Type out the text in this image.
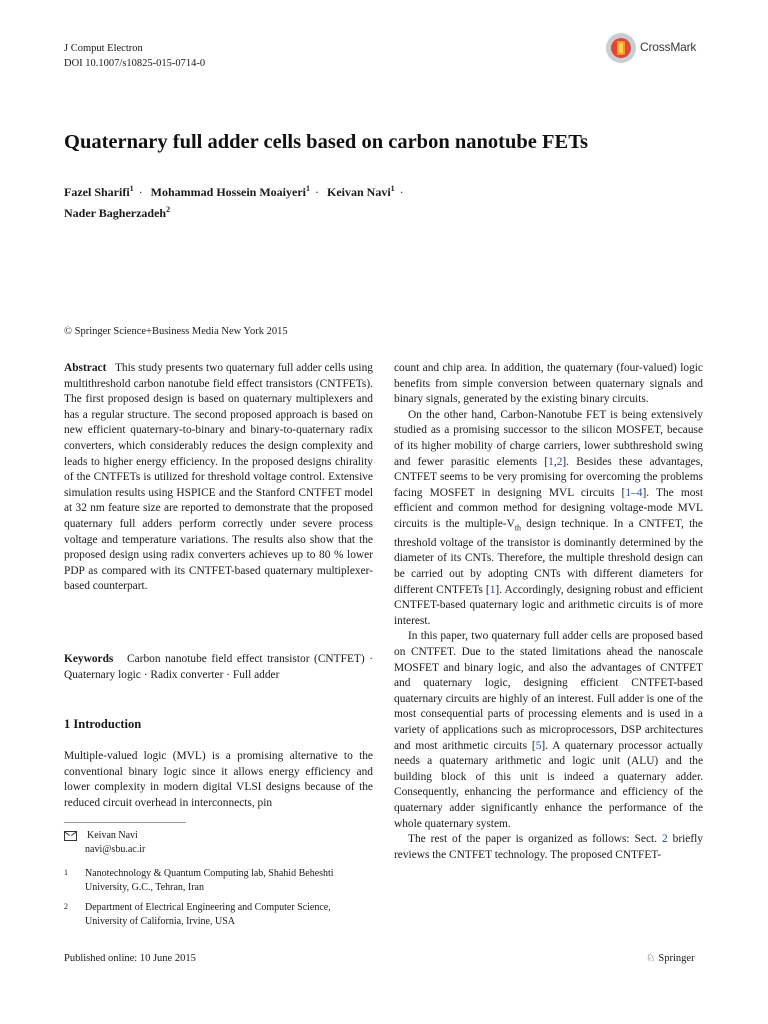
J Comput Electron
DOI 10.1007/s10825-015-0714-0
CrossMark
Quaternary full adder cells based on carbon nanotube FETs
Fazel Sharifi$^1$ · Mohammad Hossein Moaiyeri$^1$ · Keivan Navi$^1$ ·
Nader Bagherzadeh$^2$
© Springer Science+Business Media New York 2015

Abstract This study presents two quaternary full adder cells using multithreshold carbon nanotube field effect transistors (CNTFETs). The first proposed design is based on quaternary multiplexers and has a regular structure. The second proposed approach is based on new efficient quaternary-to-binary and binary-to-quaternary radix converters, which considerably reduces the design complexity and leads to higher energy efficiency. In the proposed designs chirality of the CNTFETs is utilized for threshold voltage control. Extensive simulation results using HSPICE and the Stanford CNTFET model at 32 nm feature size are reported to demonstrate that the proposed quaternary full adders perform correctly under severe process voltage and temperature variations. The results also show that the proposed design using radix converters achieves up to 80 % lower PDP as compared with its CNTFET-based quaternary multiplexer-based counterpart.

Keywords Carbon nanotube field effect transistor (CNTFET) · Quaternary logic · Radix converter · Full adder

1 Introduction

Multiple-valued logic (MVL) is a promising alternative to the conventional binary logic since it allows energy efficiency and lower complexity in modern digital VLSI designs because of the reduced circuit overhead in interconnects, pin

count and chip area. In addition, the quaternary (four-valued) logic benefits from simple conversion between quaternary signals and binary signals, generated by the existing binary circuits.

On the other hand, Carbon-Nanotube FET is being extensively studied as a promising successor to the silicon MOSFET, because of its higher mobility of charge carriers, lower subthreshold swing and fewer parasitic elements [1,2]. Besides these advantages, CNTFET seems to be very promising for overcoming the problems facing MOSFET in designing MVL circuits [1–4]. The most efficient and common method for designing voltage-mode MVL circuits is the multiple-$V_{th}$ design technique. In a CNTFET, the threshold voltage of the transistor is dominantly determined by the diameter of its CNTs. Therefore, the multiple threshold design can be carried out by adopting CNTs with different diameters for different CNTFETs [1]. Accordingly, designing robust and efficient CNTFET-based quaternary logic and arithmetic circuits is of more interest.

In this paper, two quaternary full adder cells are proposed based on CNTFET. Due to the stated limitations ahead the nanoscale MOSFET and binary logic, and also the advantages of CNTFET and quaternary logic, designing efficient CNTFET-based quaternary circuits are highly of an interest. Full adder is one of the most consequential parts of processing elements and is used in a variety of applications such as microprocessors, DSP architectures and most arithmetic circuits [5]. A quaternary processor actually needs a quaternary arithmetic and logic unit (ALU) and the building block of this unit is indeed a quaternary adder. Consequently, enhancing the performance and efficiency of the quaternary adder significantly enhance the performance of the whole quaternary system.

The rest of the paper is organized as follows: Sect. 2 briefly reviews the CNTFET technology. The proposed CNTFET-

Keivan Navi
navi@sbu.ac.ir
1 Nanotechnology & Quantum Computing lab, Shahid Beheshti University, G.C., Tehran, Iran
2 Department of Electrical Engineering and Computer Science, University of California, Irvine, USA
Published online: 10 June 2015	♘ Springer
